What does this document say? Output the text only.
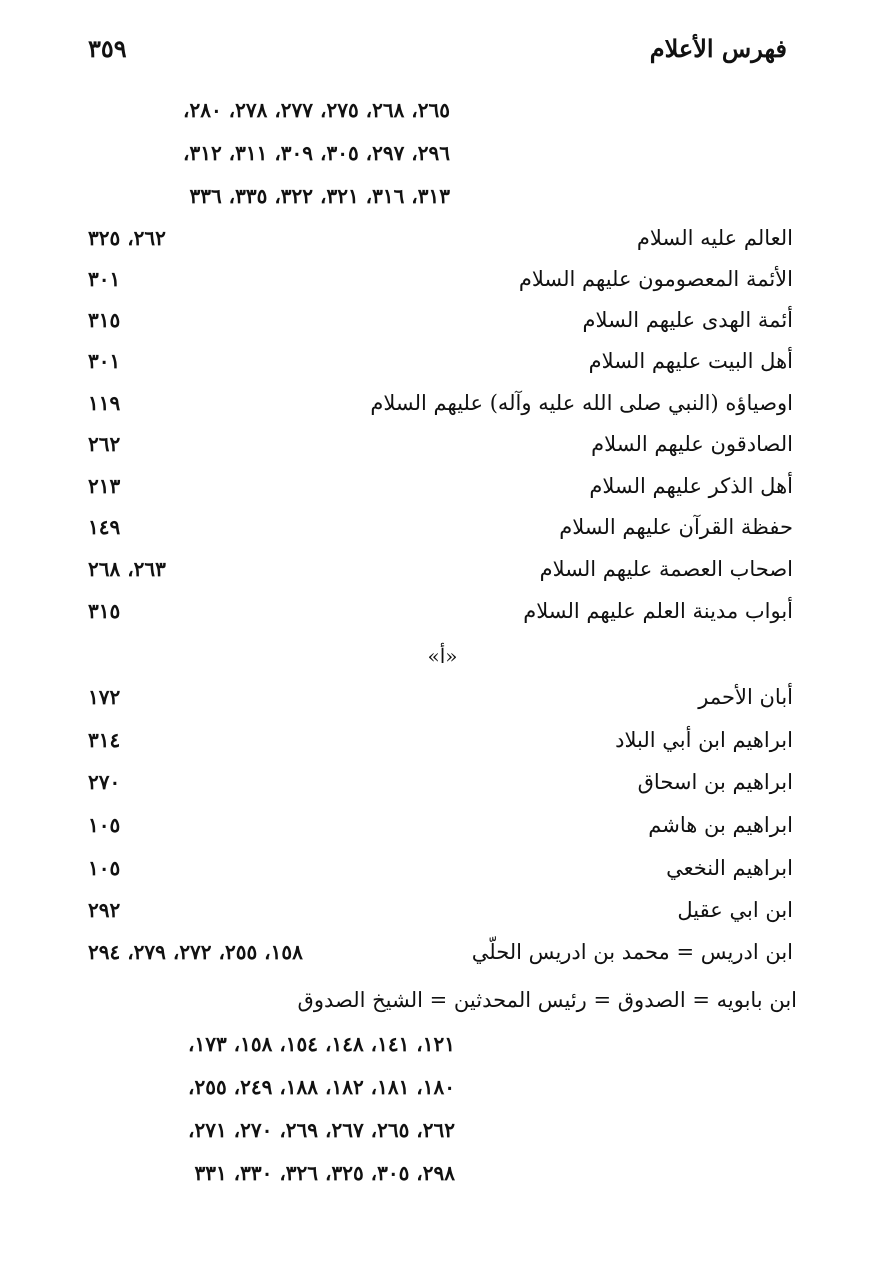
فهرس الأعلام
٣٥٩
٢٦٥، ٢٦٨، ٢٧٥، ٢٧٧، ٢٧٨، ٢٨٠،
٢٩٦، ٢٩٧، ٣٠٥، ٣٠٩، ٣١١، ٣١٢،
٣١٣، ٣١٦، ٣٢١، ٣٢٢، ٣٣٥، ٣٣٦
العالم عليه السلام
٢٦٢، ٣٢٥
الأئمة المعصومون عليهم السلام
٣٠١
أئمة الهدى عليهم السلام
٣١٥
أهل البيت عليهم السلام
٣٠١
اوصياؤه (النبي صلى الله عليه وآله) عليهم السلام
١١٩
الصادقون عليهم السلام
٢٦٢
أهل الذكر عليهم السلام
٢١٣
حفظة القرآن عليهم السلام
١٤٩
اصحاب العصمة عليهم السلام
٢٦٣، ٢٦٨
أبواب مدينة العلم عليهم السلام
٣١٥
«أ»
أبان الأحمر
١٧٢
ابراهيم ابن أبي البلاد
٣١٤
ابراهيم بن اسحاق
٢٧٠
ابراهيم بن هاشم
١٠٥
ابراهيم النخعي
١٠٥
ابن ابي عقيل
٢٩٢
ابن ادريس = محمد بن ادريس الحلّي
١٥٨، ٢٥٥، ٢٧٢، ٢٧٩، ٢٩٤
ابن بابويه = الصدوق = رئيس المحدثين = الشيخ الصدوق
١٢١، ١٤١، ١٤٨، ١٥٤، ١٥٨، ١٧٣،
١٨٠، ١٨١، ١٨٢، ١٨٨، ٢٤٩، ٢٥٥،
٢٦٢، ٢٦٥، ٢٦٧، ٢٦٩، ٢٧٠، ٢٧١،
٢٩٨، ٣٠٥، ٣٢٥، ٣٢٦، ٣٣٠، ٣٣١
